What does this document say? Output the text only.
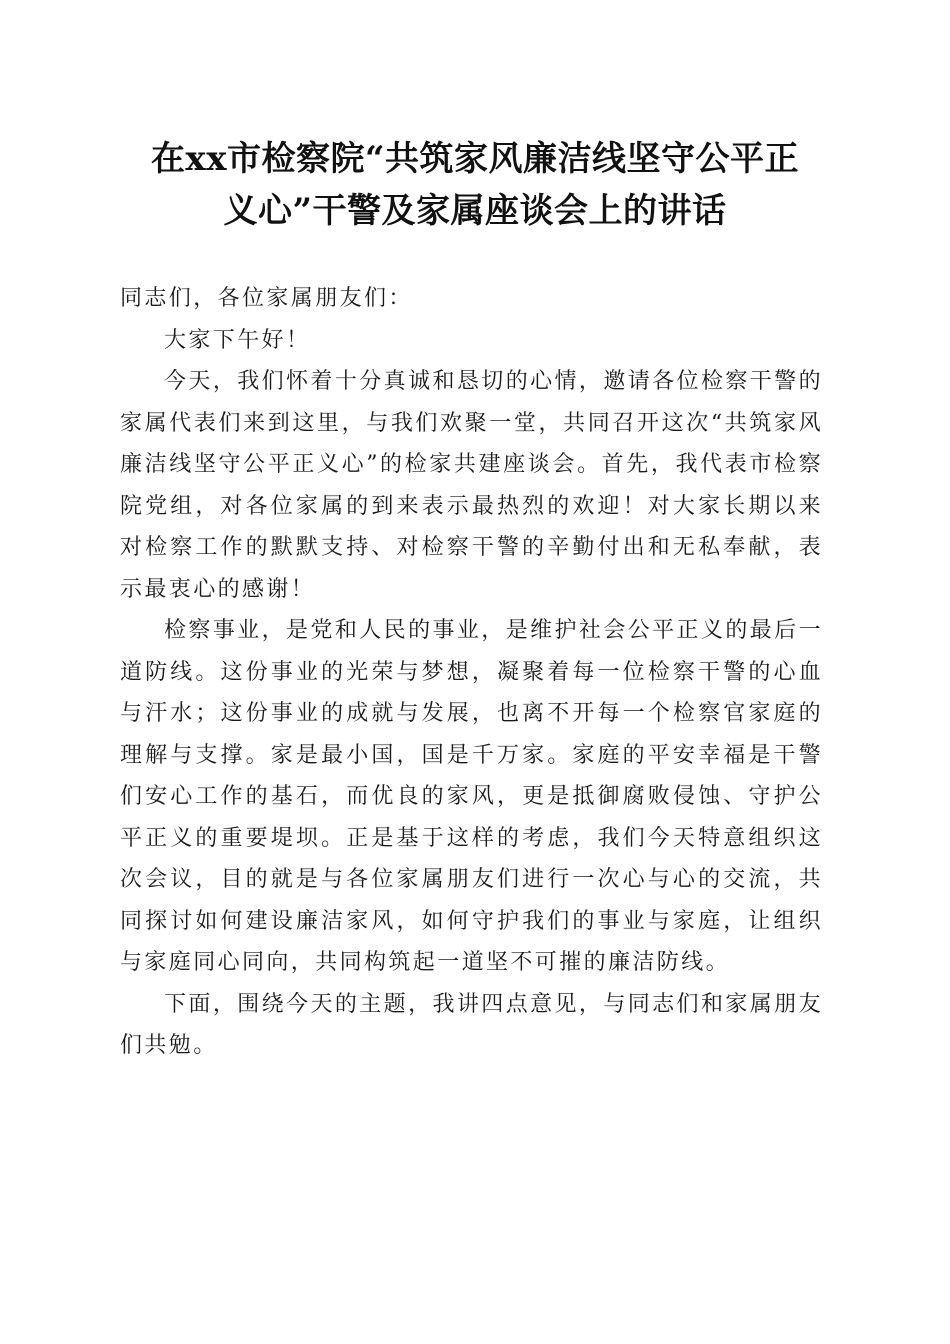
在xx市检察院“共筑家风廉洁线坚守公平正
义心”干警及家属座谈会上的讲话

同志们，各位家属朋友们：

大家下午好！

今天，我们怀着十分真诚和恳切的心情，邀请各位检察干警的家属代表们来到这里，与我们欢聚一堂，共同召开这次“共筑家风廉洁线坚守公平正义心”的检家共建座谈会。首先，我代表市检察院党组，对各位家属的到来表示最热烈的欢迎！对大家长期以来对检察工作的默默支持、对检察干警的辛勤付出和无私奉献，表示最衷心的感谢！

检察事业，是党和人民的事业，是维护社会公平正义的最后一道防线。这份事业的光荣与梦想，凝聚着每一位检察干警的心血与汗水；这份事业的成就与发展，也离不开每一个检察官家庭的理解与支撑。家是最小国，国是千万家。家庭的平安幸福是干警们安心工作的基石，而优良的家风，更是抵御腐败侵蚀、守护公平正义的重要堤坝。正是基于这样的考虑，我们今天特意组织这次会议，目的就是与各位家属朋友们进行一次心与心的交流，共同探讨如何建设廉洁家风，如何守护我们的事业与家庭，让组织与家庭同心同向，共同构筑起一道坚不可摧的廉洁防线。

下面，围绕今天的主题，我讲四点意见，与同志们和家属朋友们共勉。
